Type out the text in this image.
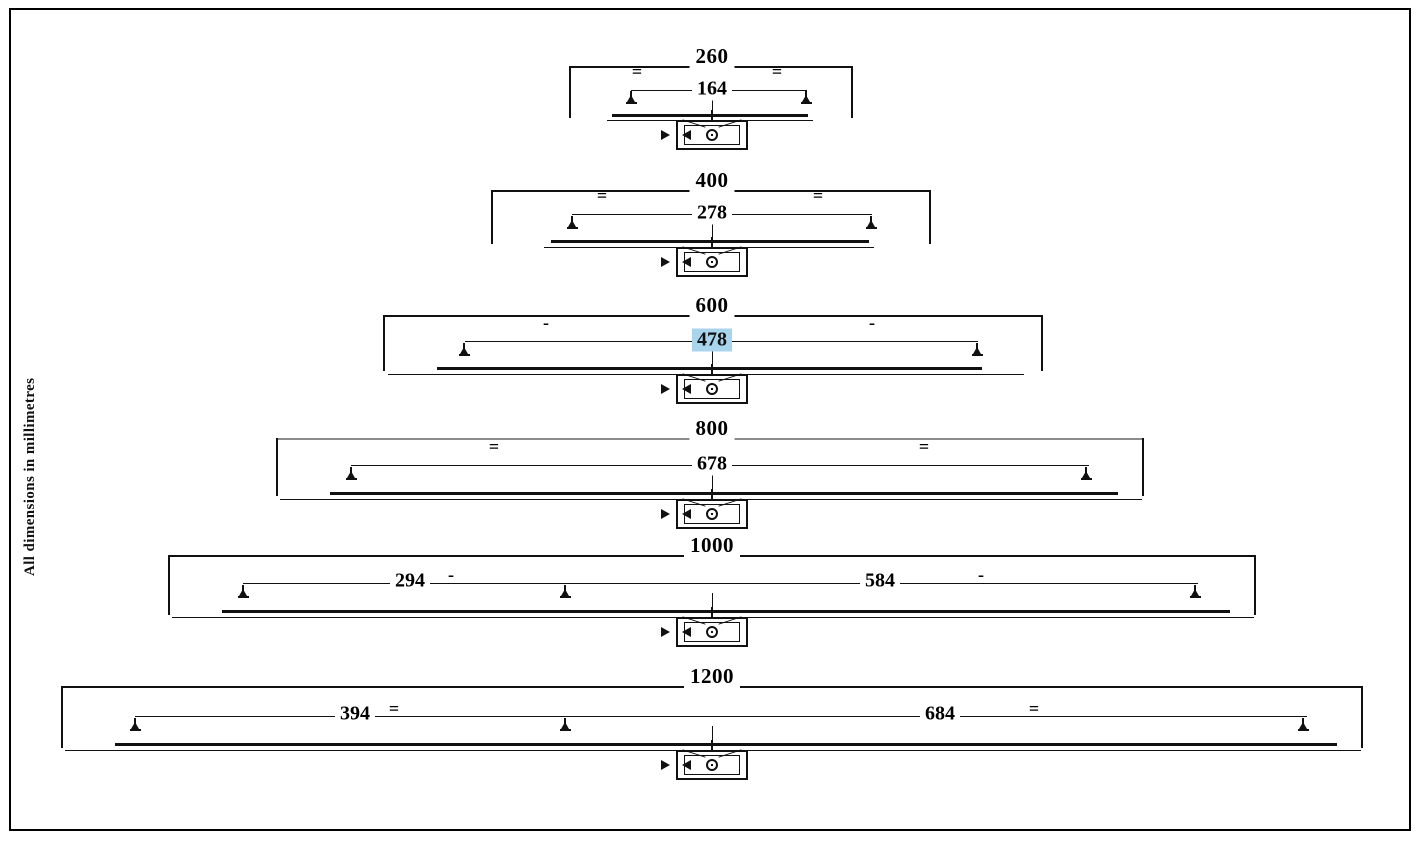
All dimensions in millimetres
260
164
=	=
400
278
=	=
600
478
-	-
800
678
=	=
1000
294	584
-	-
1200
394	684
=	=
